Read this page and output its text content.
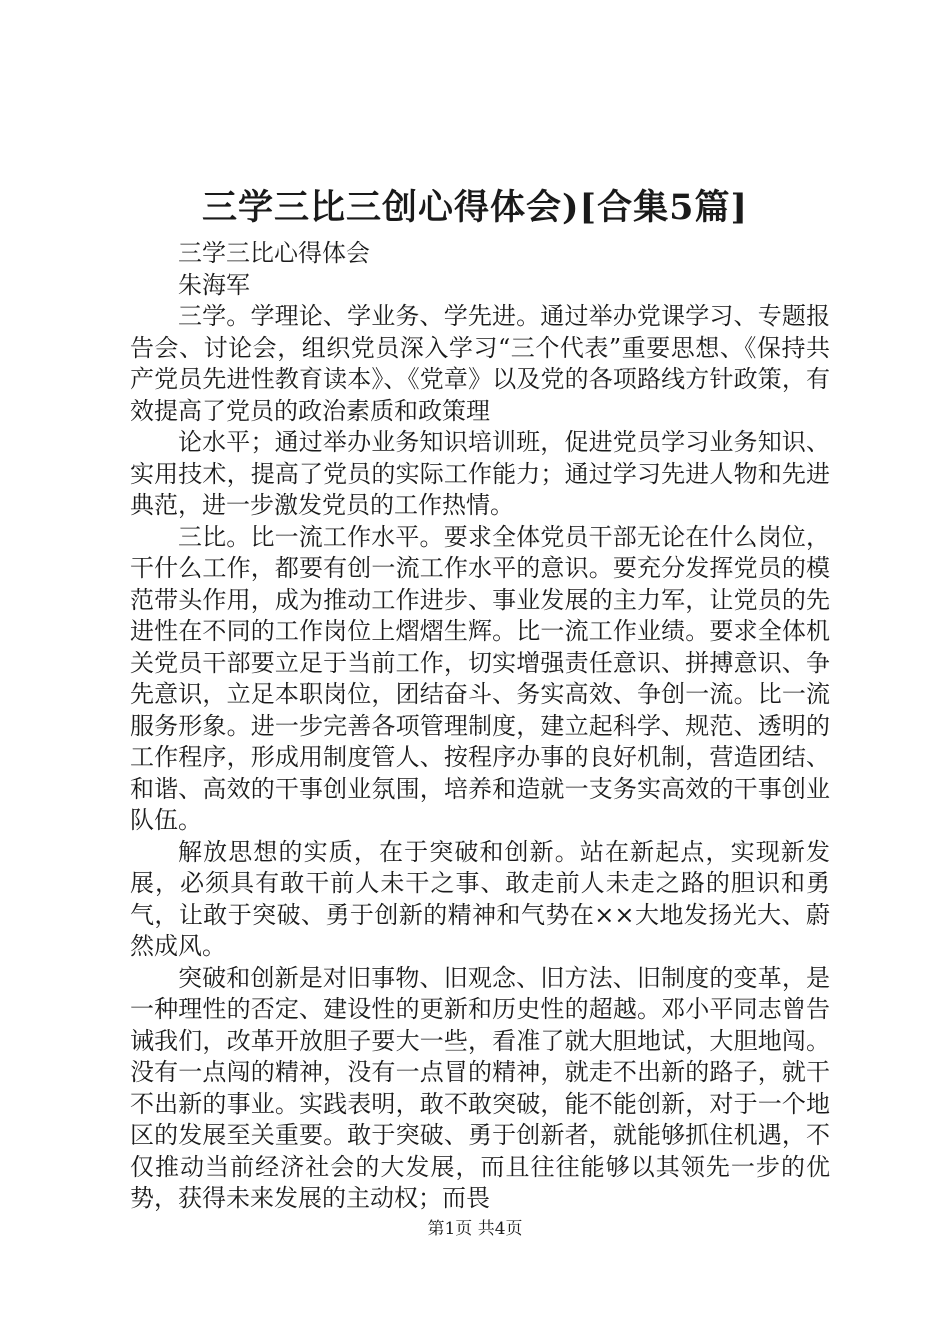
三学三比三创心得体会)[合集5篇]

三学三比心得体会

朱海军

三学。学理论、学业务、学先进。通过举办党课学习、专题报告会、讨论会，组织党员深入学习“三个代表”重要思想、《保持共产党员先进性教育读本》、《党章》以及党的各项路线方针政策，有效提高了党员的政治素质和政策理

论水平；通过举办业务知识培训班，促进党员学习业务知识、实用技术，提高了党员的实际工作能力；通过学习先进人物和先进典范，进一步激发党员的工作热情。

三比。比一流工作水平。要求全体党员干部无论在什么岗位，干什么工作，都要有创一流工作水平的意识。要充分发挥党员的模范带头作用，成为推动工作进步、事业发展的主力军，让党员的先进性在不同的工作岗位上熠熠生辉。比一流工作业绩。要求全体机关党员干部要立足于当前工作，切实增强责任意识、拼搏意识、争先意识，立足本职岗位，团结奋斗、务实高效、争创一流。比一流服务形象。进一步完善各项管理制度，建立起科学、规范、透明的工作程序，形成用制度管人、按程序办事的良好机制，营造团结、和谐、高效的干事创业氛围，培养和造就一支务实高效的干事创业队伍。

解放思想的实质，在于突破和创新。站在新起点，实现新发展，必须具有敢干前人未干之事、敢走前人未走之路的胆识和勇气，让敢于突破、勇于创新的精神和气势在××大地发扬光大、蔚然成风。

突破和创新是对旧事物、旧观念、旧方法、旧制度的变革，是一种理性的否定、建设性的更新和历史性的超越。邓小平同志曾告诫我们，改革开放胆子要大一些，看准了就大胆地试，大胆地闯。没有一点闯的精神，没有一点冒的精神，就走不出新的路子，就干不出新的事业。实践表明，敢不敢突破，能不能创新，对于一个地区的发展至关重要。敢于突破、勇于创新者，就能够抓住机遇，不仅推动当前经济社会的大发展，而且往往能够以其领先一步的优势，获得未来发展的主动权；而畏

第1页 共4页
